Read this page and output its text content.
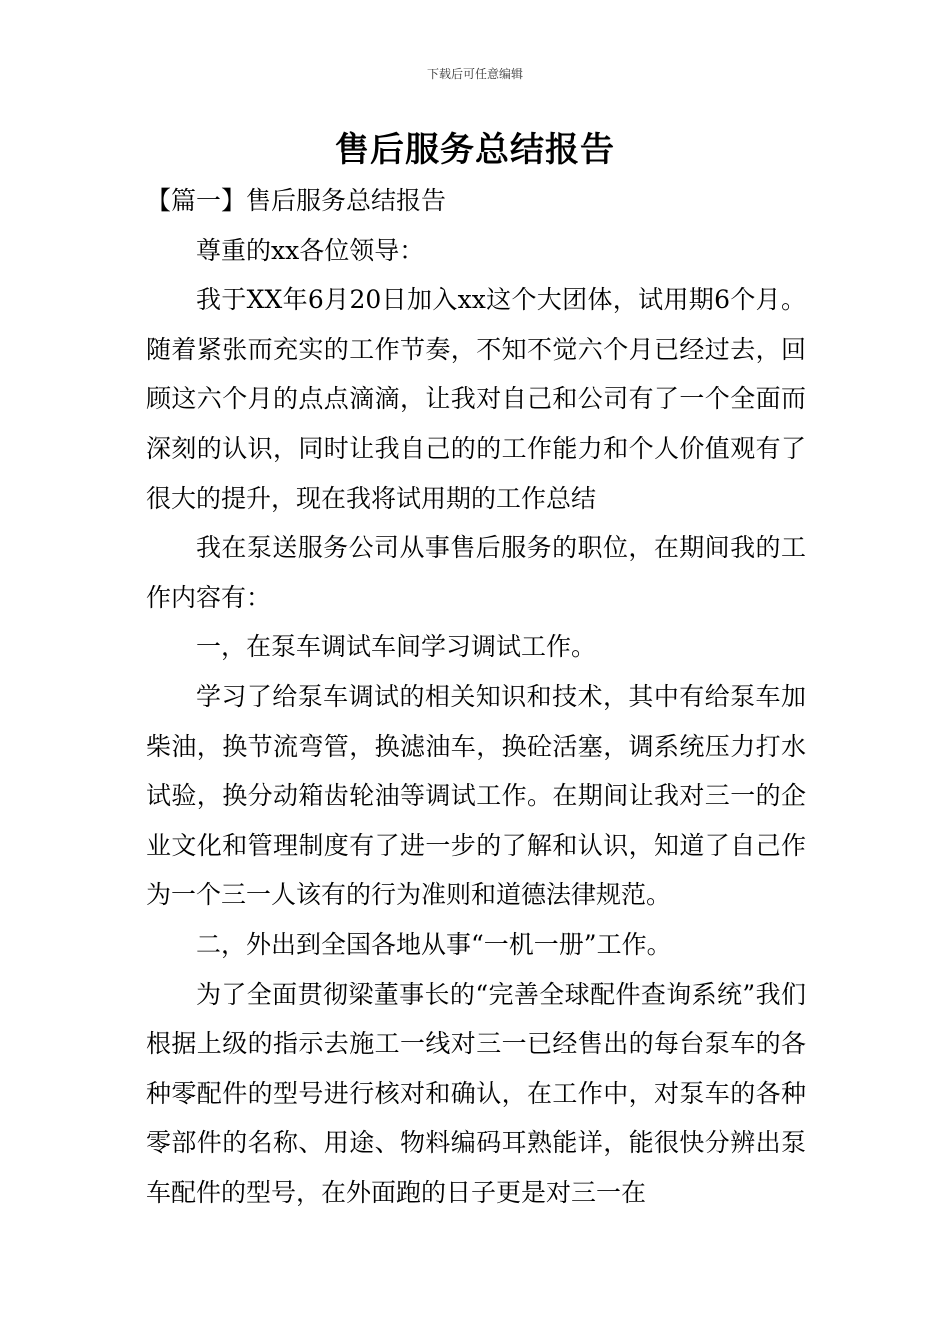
下载后可任意编辑
售后服务总结报告

【篇一】售后服务总结报告

尊重的xx各位领导：

我于XX年6月20日加入xx这个大团体，试用期6个月。随着紧张而充实的工作节奏，不知不觉六个月已经过去，回顾这六个月的点点滴滴，让我对自己和公司有了一个全面而深刻的认识，同时让我自己的的工作能力和个人价值观有了很大的提升，现在我将试用期的工作总结

我在泵送服务公司从事售后服务的职位，在期间我的工作内容有：

一，在泵车调试车间学习调试工作。

学习了给泵车调试的相关知识和技术，其中有给泵车加柴油，换节流弯管，换滤油车，换砼活塞，调系统压力打水试验，换分动箱齿轮油等调试工作。在期间让我对三一的企业文化和管理制度有了进一步的了解和认识，知道了自己作为一个三一人该有的行为准则和道德法律规范。

二，外出到全国各地从事“一机一册”工作。

为了全面贯彻梁董事长的“完善全球配件查询系统”我们根据上级的指示去施工一线对三一已经售出的每台泵车的各种零配件的型号进行核对和确认，在工作中，对泵车的各种零部件的名称、用途、物料编码耳熟能详，能很快分辨出泵车配件的型号，在外面跑的日子更是对三一在
